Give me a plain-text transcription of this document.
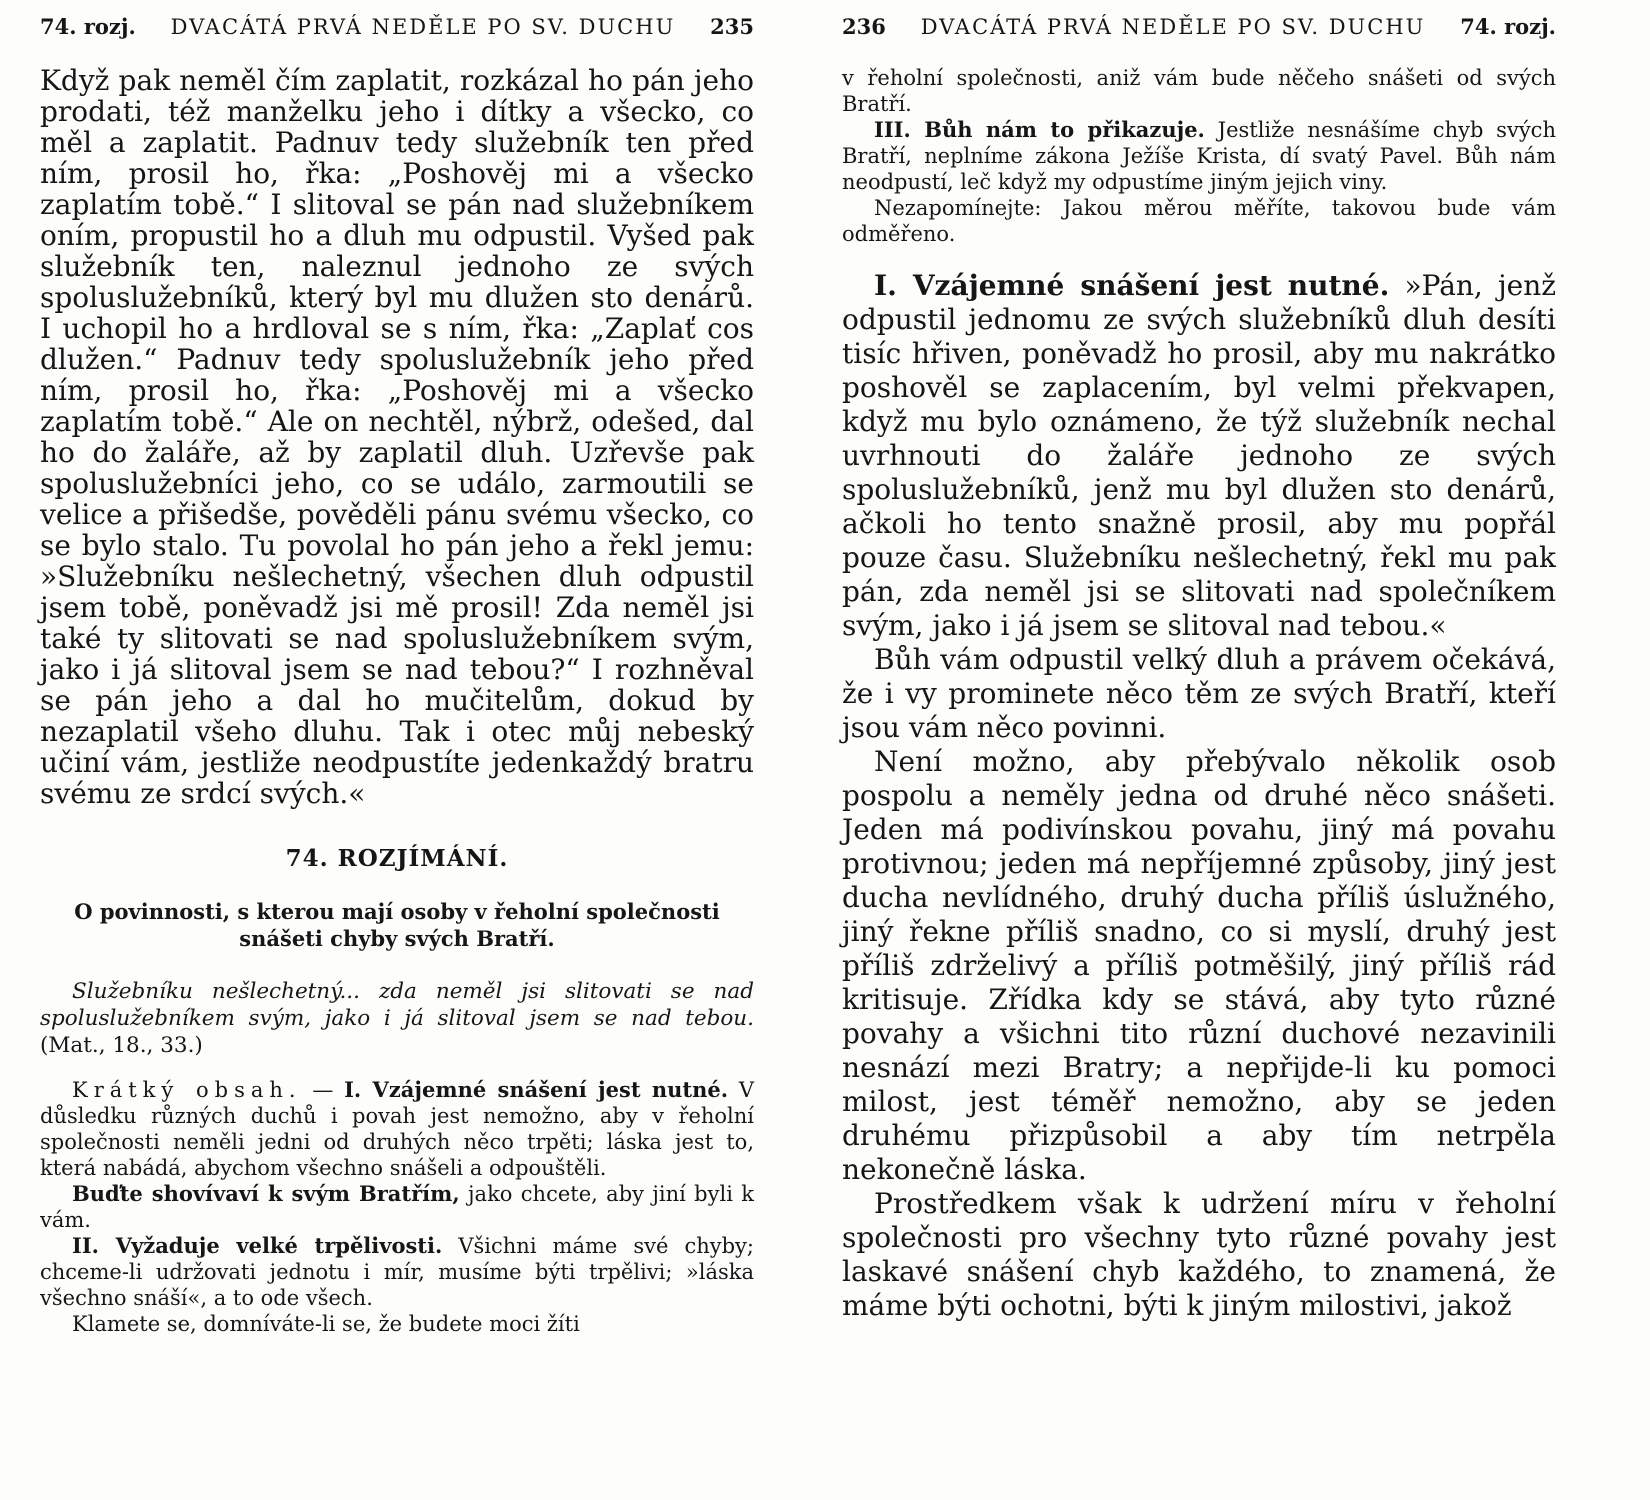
74. rozj.	DVACÁTÁ PRVÁ NEDĚLE PO SV. DUCHU	235

Když pak neměl čím zaplatit, rozkázal ho pán jeho prodati, též manželku jeho i dítky a všecko, co měl a zaplatit. Padnuv tedy služebník ten před ním, prosil ho, řka: „Poshověj mi a všecko zaplatím tobě.“ I slitoval se pán nad služebníkem oním, propustil ho a dluh mu odpustil. Vyšed pak služebník ten, naleznul jednoho ze svých spoluslužebníků, který byl mu dlužen sto denárů. I uchopil ho a hrdloval se s ním, řka: „Zaplať cos dlužen.“ Padnuv tedy spoluslužebník jeho před ním, prosil ho, řka: „Poshověj mi a všecko zaplatím tobě.“ Ale on nechtěl, nýbrž, odešed, dal ho do žaláře, až by zaplatil dluh. Uzřevše pak spoluslužebníci jeho, co se událo, zarmoutili se velice a přišedše, pověděli pánu svému všecko, co se bylo stalo. Tu povolal ho pán jeho a řekl jemu: »Služebníku nešlechetný, všechen dluh odpustil jsem tobě, poněvadž jsi mě prosil! Zda neměl jsi také ty slitovati se nad spoluslužebníkem svým, jako i já slitoval jsem se nad tebou?“ I rozhněval se pán jeho a dal ho mučitelům, dokud by nezaplatil všeho dluhu. Tak i otec můj nebeský učiní vám, jestliže neodpustíte jedenkaždý bratru svému ze srdcí svých.«

74. ROZJÍMÁNÍ.

O povinnosti, s kterou mají osoby v řeholní společnosti snášeti chyby svých Bratří.

Služebníku nešlechetný... zda neměl jsi slitovati se nad spoluslužebníkem svým, jako i já slitoval jsem se nad tebou. (Mat., 18., 33.)

Krátký obsah. — I. Vzájemné snášení jest nutné. V důsledku různých duchů i povah jest nemožno, aby v řeholní společnosti neměli jedni od druhých něco trpěti; láska jest to, která nabádá, abychom všechno snášeli a odpouštěli.

Buďte shovívaví k svým Bratřím, jako chcete, aby jiní byli k vám.

II. Vyžaduje velké trpělivosti. Všichni máme své chyby; chceme-li udržovati jednotu i mír, musíme býti trpělivi; »láska všechno snáší«, a to ode všech.

Klamete se, domníváte-li se, že budete moci žíti

236	DVACÁTÁ PRVÁ NEDĚLE PO SV. DUCHU	74. rozj.

v řeholní společnosti, aniž vám bude něčeho snášeti od svých Bratří.

III. Bůh nám to přikazuje. Jestliže nesnášíme chyb svých Bratří, neplníme zákona Ježíše Krista, dí svatý Pavel. Bůh nám neodpustí, leč když my odpustíme jiným jejich viny.

Nezapomínejte: Jakou měrou měříte, takovou bude vám odměřeno.

I. Vzájemné snášení jest nutné. »Pán, jenž odpustil jednomu ze svých služebníků dluh desíti tisíc hřiven, poněvadž ho prosil, aby mu nakrátko poshověl se zaplacením, byl velmi překvapen, když mu bylo oznámeno, že týž služebník nechal uvrhnouti do žaláře jednoho ze svých spoluslužebníků, jenž mu byl dlužen sto denárů, ačkoli ho tento snažně prosil, aby mu popřál pouze času. Služebníku nešlechetný, řekl mu pak pán, zda neměl jsi se slitovati nad společníkem svým, jako i já jsem se slitoval nad tebou.«

Bůh vám odpustil velký dluh a právem očekává, že i vy prominete něco těm ze svých Bratří, kteří jsou vám něco povinni.

Není možno, aby přebývalo několik osob pospolu a neměly jedna od druhé něco snášeti. Jeden má podivínskou povahu, jiný má povahu protivnou; jeden má nepříjemné způsoby, jiný jest ducha nevlídného, druhý ducha příliš úslužného, jiný řekne příliš snadno, co si myslí, druhý jest příliš zdrželivý a příliš potměšilý, jiný příliš rád kritisuje. Zřídka kdy se stává, aby tyto různé povahy a všichni tito různí duchové nezavinili nesnází mezi Bratry; a nepřijde-li ku pomoci milost, jest téměř nemožno, aby se jeden druhému přizpůsobil a aby tím netrpěla nekonečně láska.

Prostředkem však k udržení míru v řeholní společnosti pro všechny tyto různé povahy jest laskavé snášení chyb každého, to znamená, že máme býti ochotni, býti k jiným milostivi, jakož
